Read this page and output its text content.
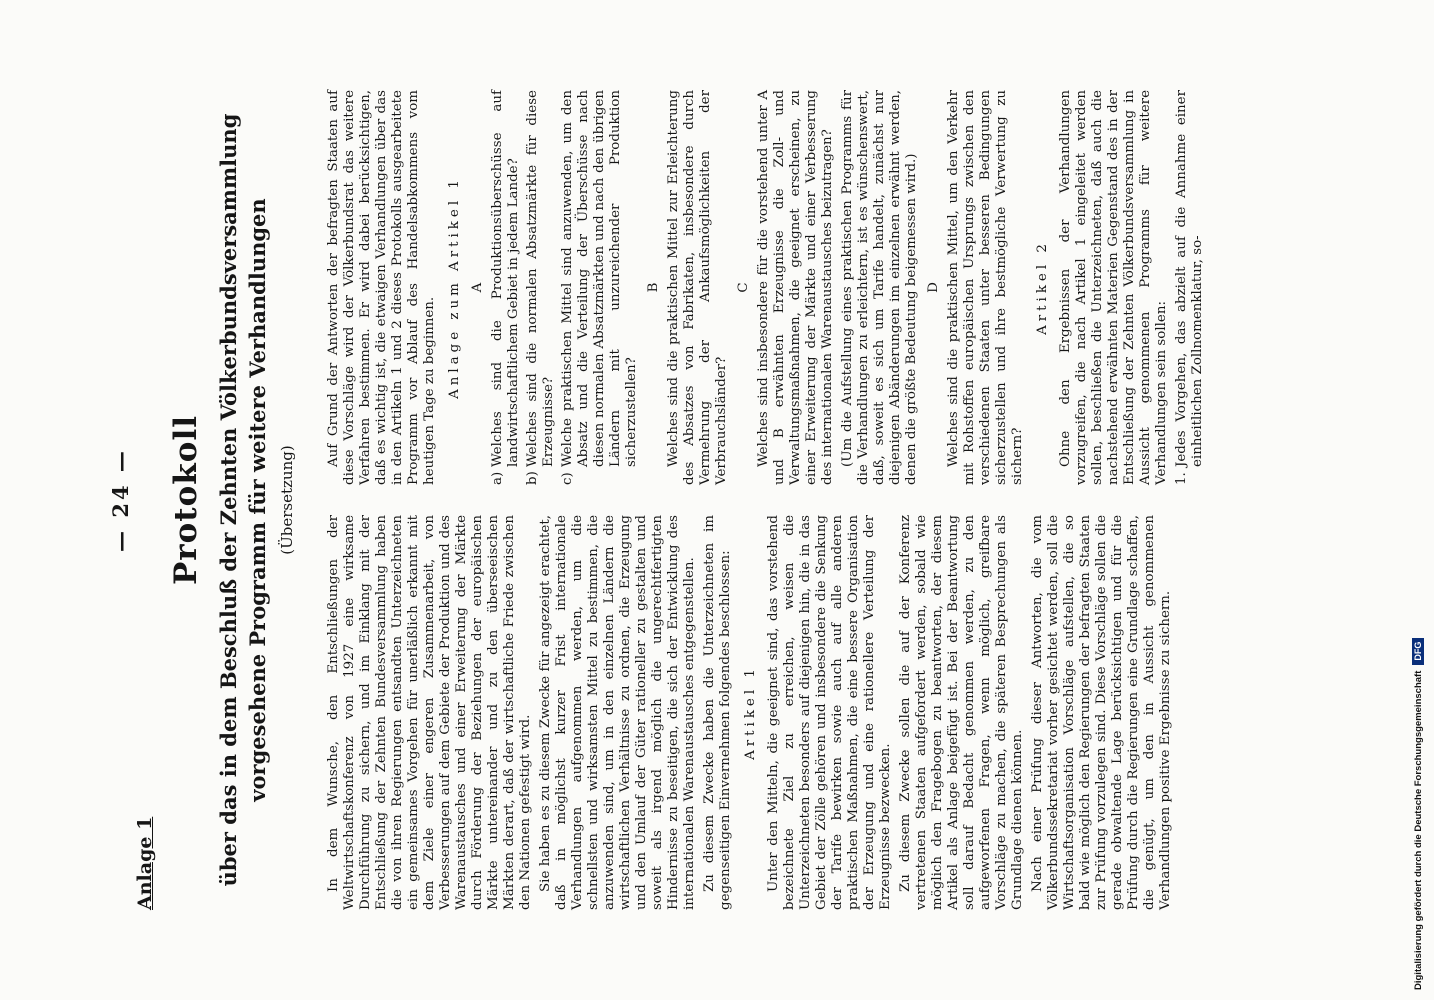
— 24 —
Anlage 1
Protokoll über das in dem Beschluß der Zehnten Völkerbundsversammlung vorgesehene Programm für weitere Verhandlungen (Übersetzung)

In dem Wunsche, den Entschließungen der Weltwirtschaftskonferenz von 1927 eine wirksame Durchführung zu sichern, und im Einklang mit der Entschließung der Zehnten Bundesversammlung haben die von ihren Regierungen entsandten Unterzeichneten ein gemeinsames Vorgehen für unerläßlich erkannt mit dem Ziele einer engeren Zusammenarbeit, von Verbesserungen auf dem Gebiete der Produktion und des Warenaustausches und einer Erweiterung der Märkte durch Förderung der Beziehungen der europäischen Märkte untereinander und zu den überseeischen Märkten derart, daß der wirtschaftliche Friede zwischen den Nationen gefestigt wird. Sie haben es zu diesem Zwecke für angezeigt erachtet, daß in möglichst kurzer Frist internationale Verhandlungen aufgenommen werden, um die schnellsten und wirksamsten Mittel zu bestimmen, die anzuwenden sind, um in den einzelnen Ländern die wirtschaftlichen Verhältnisse zu ordnen, die Erzeugung und den Umlauf der Güter rationeller zu gestalten und soweit als irgend möglich die ungerechtfertigten Hindernisse zu beseitigen, die sich der Entwicklung des internationalen Warenaustausches entgegenstellen. Zu diesem Zwecke haben die Unterzeichneten im gegenseitigen Einvernehmen folgendes beschlossen: Artikel 1 Unter den Mitteln, die geeignet sind, das vorstehend bezeichnete Ziel zu erreichen, weisen die Unterzeichneten besonders auf diejenigen hin, die in das Gebiet der Zölle gehören und insbesondere die Senkung der Tarife bewirken sowie auch auf alle anderen praktischen Maßnahmen, die eine bessere Organisation der Erzeugung und eine rationellere Verteilung der Erzeugnisse bezwecken. Zu diesem Zwecke sollen die auf der Konferenz vertretenen Staaten aufgefordert werden, sobald wie möglich den Fragebogen zu beantworten, der diesem Artikel als Anlage beigefügt ist. Bei der Beantwortung soll darauf Bedacht genommen werden, zu den aufgeworfenen Fragen, wenn möglich, greifbare Vorschläge zu machen, die späteren Besprechungen als Grundlage dienen können. Nach einer Prüfung dieser Antworten, die vom Völkerbundssekretariat vorher gesichtet werden, soll die Wirtschaftsorganisation Vorschläge aufstellen, die so bald wie möglich den Regierungen der befragten Staaten zur Prüfung vorzulegen sind. Diese Vorschläge sollen die gerade obwaltende Lage berücksichtigen und für die Prüfung durch die Regierungen eine Grundlage schaffen, die genügt, um den in Aussicht genommenen Verhandlungen positive Ergebnisse zu sichern.

Auf Grund der Antworten der befragten Staaten auf diese Vorschläge wird der Völkerbundsrat das weitere Verfahren bestimmen. Er wird dabei berücksichtigen, daß es wichtig ist, die etwaigen Verhandlungen über das in den Artikeln 1 und 2 dieses Protokolls ausgearbeitete Programm vor Ablauf des Handelsabkommens vom heutigen Tage zu beginnen. Anlage zum Artikel 1 A

a)Welches sind die Produktionsüberschüsse auf landwirtschaftlichem Gebiet in jedem Lande?

b)Welches sind die normalen Absatzmärkte für diese Erzeugnisse?

c)Welche praktischen Mittel sind anzuwenden, um den Absatz und die Verteilung der Überschüsse nach diesen normalen Absatzmärkten und nach den übrigen Ländern mit unzureichender Produktion sicherzustellen?

B Welches sind die praktischen Mittel zur Erleichterung des Absatzes von Fabrikaten, insbesondere durch Vermehrung der Ankaufsmöglichkeiten der Verbrauchsländer?

C Welches sind insbesondere für die vorstehend unter A und B erwähnten Erzeugnisse die Zoll- und Verwaltungsmaßnahmen, die geeignet erscheinen, zu einer Erweiterung der Märkte und einer Verbesserung des internationalen Warenaustausches beizutragen? (Um die Aufstellung eines praktischen Programms für die Verhandlungen zu erleichtern, ist es wünschenswert, daß, soweit es sich um Tarife handelt, zunächst nur diejenigen Abänderungen im einzelnen erwähnt werden, denen die größte Bedeutung beigemessen wird.) D Welches sind die praktischen Mittel, um den Verkehr mit Rohstoffen europäischen Ursprungs zwischen den verschiedenen Staaten unter besseren Bedingungen sicherzustellen und ihre bestmögliche Verwertung zu sichern?

Artikel 2 Ohne den Ergebnissen der Verhandlungen vorzugreifen, die nach Artikel 1 eingeleitet werden sollen, beschließen die Unterzeichneten, daß auch die nachstehend erwähnten Materien Gegenstand des in der Entschließung der Zehnten Völkerbundsversammlung in Aussicht genommenen Programms für weitere Verhandlungen sein sollen: 1.Jedes Vorgehen, das abzielt auf die Annahme einer einheitlichen Zollnomenklatur, so-

Digitalisierung gefördert durch die Deutsche ForschungsgemeinschaftDFG
